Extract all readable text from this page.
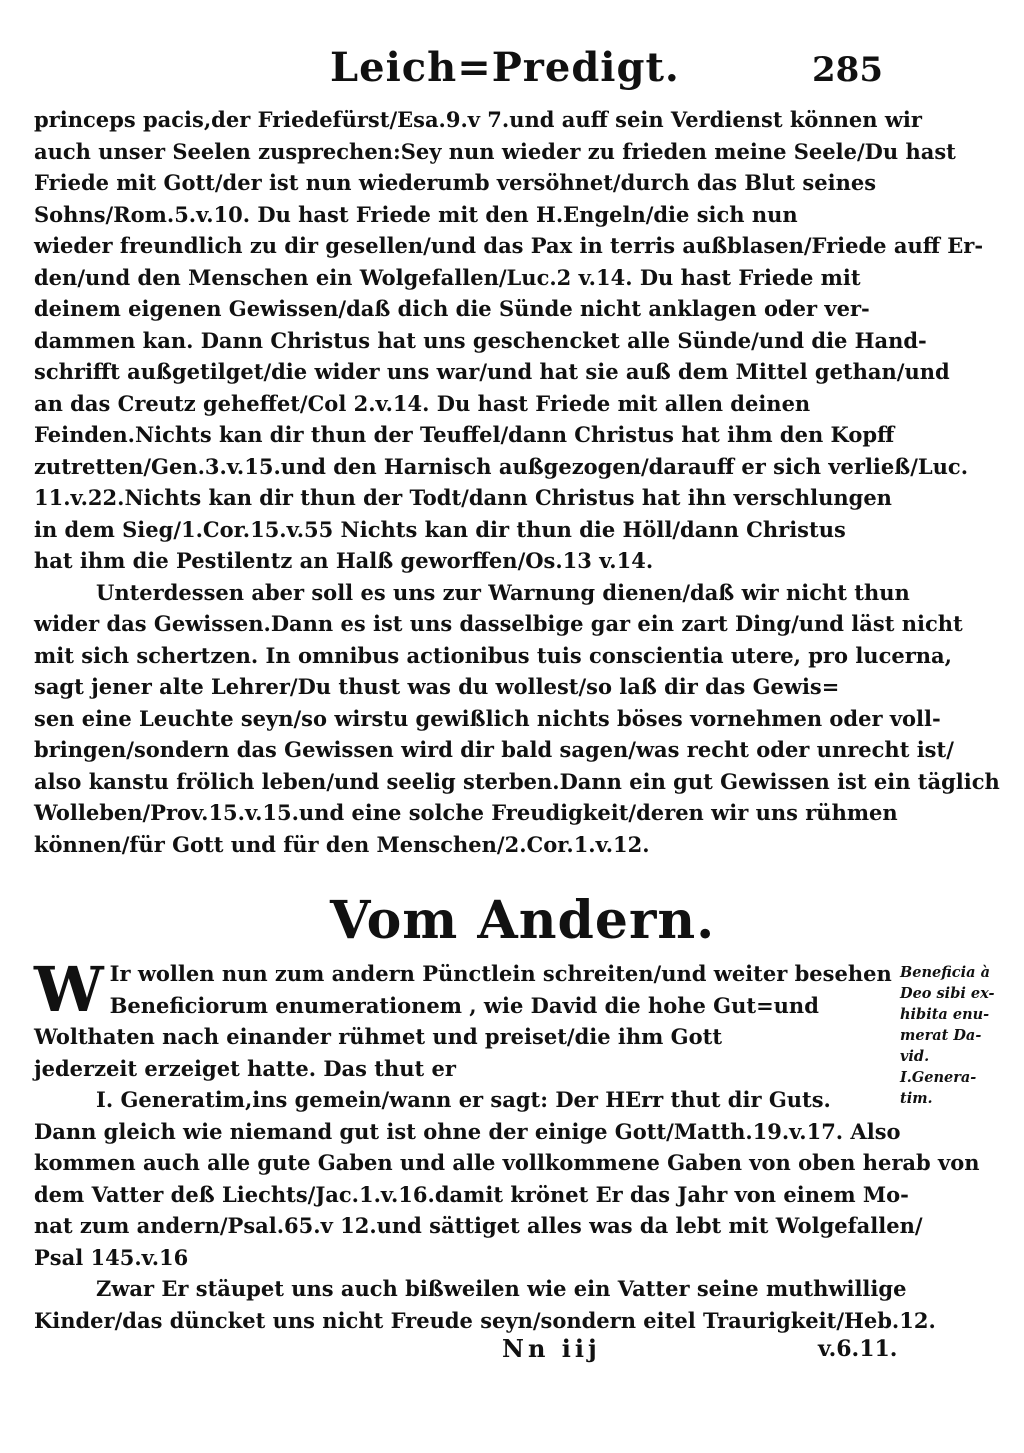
Leich=Predigt.	285
princeps pacis,der Friedefürst/Esa.9.v 7.und auff sein Verdienst können wir
auch unser Seelen zusprechen:Sey nun wieder zu frieden meine Seele/Du hast
Friede mit Gott/der ist nun wiederumb versöhnet/durch das Blut seines
Sohns/Rom.5.v.10. Du hast Friede mit den H.Engeln/die sich nun
wieder freundlich zu dir gesellen/und das Pax in terris außblasen/Friede auff Er-
den/und den Menschen ein Wolgefallen/Luc.2 v.14. Du hast Friede mit
deinem eigenen Gewissen/daß dich die Sünde nicht anklagen oder ver-
dammen kan. Dann Christus hat uns geschencket alle Sünde/und die Hand-
schrifft außgetilget/die wider uns war/und hat sie auß dem Mittel gethan/und
an das Creutz geheffet/Col 2.v.14. Du hast Friede mit allen deinen
Feinden.Nichts kan dir thun der Teuffel/dann Christus hat ihm den Kopff
zutretten/Gen.3.v.15.und den Harnisch außgezogen/darauff er sich verließ/Luc.
11.v.22.Nichts kan dir thun der Todt/dann Christus hat ihn verschlungen
in dem Sieg/1.Cor.15.v.55 Nichts kan dir thun die Höll/dann Christus
hat ihm die Pestilentz an Halß geworffen/Os.13 v.14.
Unterdessen aber soll es uns zur Warnung dienen/daß wir nicht thun
wider das Gewissen.Dann es ist uns dasselbige gar ein zart Ding/und läst nicht
mit sich schertzen. In omnibus actionibus tuis conscientia utere, pro lucerna,
sagt jener alte Lehrer/Du thust was du wollest/so laß dir das Gewis=
sen eine Leuchte seyn/so wirstu gewißlich nichts böses vornehmen oder voll-
bringen/sondern das Gewissen wird dir bald sagen/was recht oder unrecht ist/
also kanstu frölich leben/und seelig sterben.Dann ein gut Gewissen ist ein täglich
Wolleben/Prov.15.v.15.und eine solche Freudigkeit/deren wir uns rühmen
können/für Gott und für den Menschen/2.Cor.1.v.12.
Vom Andern.
W Ir wollen nun zum andern Pünctlein schreiten/und weiter besehen
Beneficiorum enumerationem , wie David die hohe Gut=und
Wolthaten nach einander rühmet und preiset/die ihm Gott
jederzeit erzeiget hatte. Das thut er
I. Generatim,ins gemein/wann er sagt: Der HErr thut dir Guts.
Dann gleich wie niemand gut ist ohne der einige Gott/Matth.19.v.17. Also
kommen auch alle gute Gaben und alle vollkommene Gaben von oben herab von
dem Vatter deß Liechts/Jac.1.v.16.damit krönet Er das Jahr von einem Mo-
nat zum andern/Psal.65.v 12.und sättiget alles was da lebt mit Wolgefallen/
Psal 145.v.16
Zwar Er stäupet uns auch bißweilen wie ein Vatter seine muthwillige
Kinder/das düncket uns nicht Freude seyn/sondern eitel Traurigkeit/Heb.12.
Beneficia à
Deo sibi ex-
hibita enu-
merat Da-
vid.
I.Genera-
tim.
Nn iij	v.6.11.
